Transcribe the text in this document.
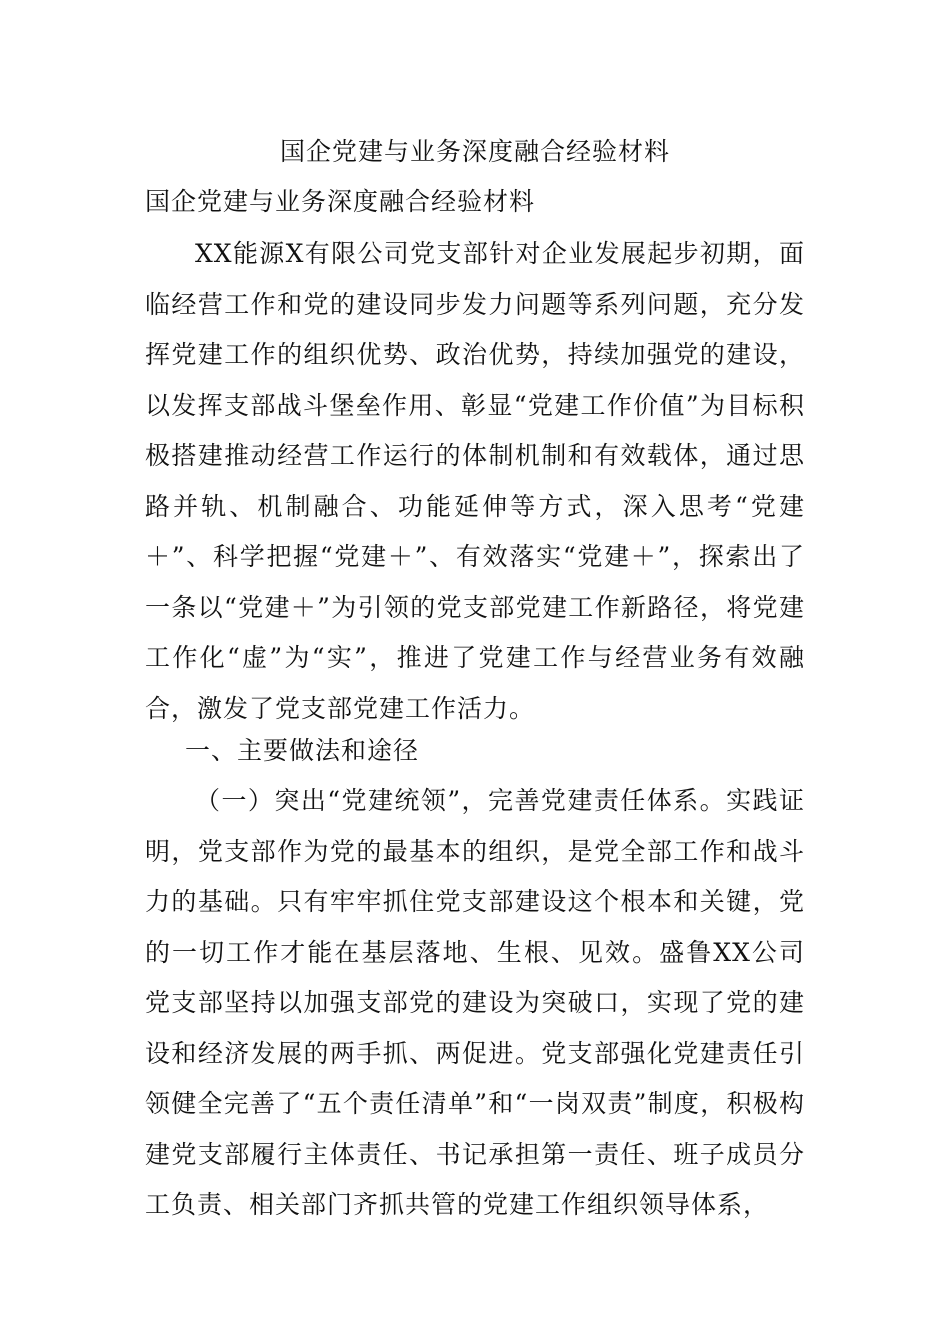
国企党建与业务深度融合经验材料

国企党建与业务深度融合经验材料

XX能源X有限公司党支部针对企业发展起步初期，面临经营工作和党的建设同步发力问题等系列问题，充分发挥党建工作的组织优势、政治优势，持续加强党的建设，以发挥支部战斗堡垒作用、彰显“党建工作价值”为目标积极搭建推动经营工作运行的体制机制和有效载体，通过思路并轨、机制融合、功能延伸等方式，深入思考“党建＋”、科学把握“党建＋”、有效落实“党建＋”，探索出了一条以“党建＋”为引领的党支部党建工作新路径，将党建工作化“虚”为“实”，推进了党建工作与经营业务有效融合，激发了党支部党建工作活力。

一、主要做法和途径

（一）突出“党建统领”，完善党建责任体系。实践证明，党支部作为党的最基本的组织，是党全部工作和战斗力的基础。只有牢牢抓住党支部建设这个根本和关键，党的一切工作才能在基层落地、生根、见效。盛鲁XX公司党支部坚持以加强支部党的建设为突破口，实现了党的建设和经济发展的两手抓、两促进。党支部强化党建责任引领健全完善了“五个责任清单”和“一岗双责”制度，积极构建党支部履行主体责任、书记承担第一责任、班子成员分工负责、相关部门齐抓共管的党建工作组织领导体系，
